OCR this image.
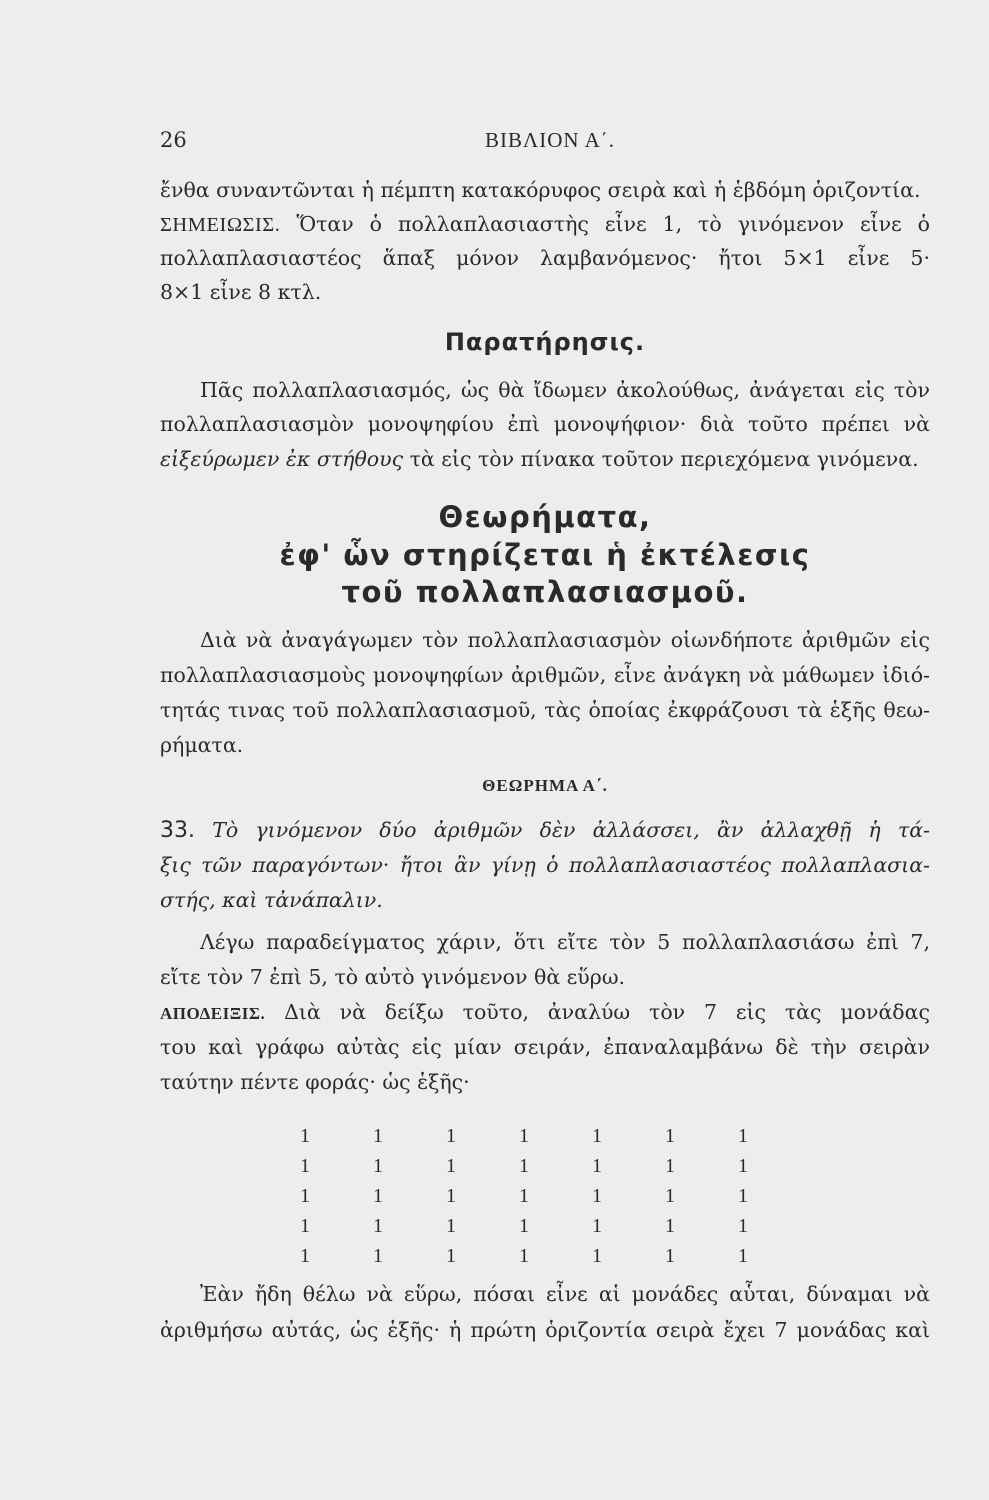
26	ΒΙΒΛΙΟΝ Α΄.
ἔνθα συναντῶνται ἡ πέμπτη κατακόρυφος σειρὰ καὶ ἡ ἑβδόμη ὁριζοντία.
ΣΗΜΕΙΩΣΙΣ. Ὅταν ὁ πολλαπλασιαστὴς εἶνε 1, τὸ γινόμενον εἶνε ὁ
πολλαπλασιαστέος ἅπαξ μόνον λαμβανόμενος· ἤτοι 5×1 εἶνε 5·
8×1 εἶνε 8 κτλ.
Παρατήρησις.
Πᾶς πολλαπλασιασμός, ὡς θὰ ἴδωμεν ἀκολούθως, ἀνάγεται εἰς τὸν
πολλαπλασιασμὸν μονοψηφίου ἐπὶ μονοψήφιον· διὰ τοῦτο πρέπει νὰ
εἰξεύρωμεν ἐκ στήθους τὰ εἰς τὸν πίνακα τοῦτον περιεχόμενα γινόμενα.
Θεωρήματα,
ἐφ' ὧν στηρίζεται ἡ ἐκτέλεσις
τοῦ πολλαπλασιασμοῦ.
Διὰ νὰ ἀναγάγωμεν τὸν πολλαπλασιασμὸν οἱωνδήποτε ἀριθμῶν εἰς
πολλαπλασιασμοὺς μονοψηφίων ἀριθμῶν, εἶνε ἀνάγκη νὰ μάθωμεν ἰδιό-
τητάς τινας τοῦ πολλαπλασιασμοῦ, τὰς ὁποίας ἐκφράζουσι τὰ ἑξῆς θεω-
ρήματα.
ΘΕΩΡΗΜΑ Α΄.
33. Τὸ γινόμενον δύο ἀριθμῶν δὲν ἀλλάσσει, ἂν ἀλλαχθῇ ἡ τά-
ξις τῶν παραγόντων· ἤτοι ἂν γίνῃ ὁ πολλαπλασιαστέος πολλαπλασια-
στής, καὶ τἀνάπαλιν.
Λέγω παραδείγματος χάριν, ὅτι εἴτε τὸν 5 πολλαπλασιάσω ἐπὶ 7,
εἴτε τὸν 7 ἐπὶ 5, τὸ αὐτὸ γινόμενον θὰ εὕρω.
ΑΠΟΔΕΙΞΙΣ. Διὰ νὰ δείξω τοῦτο, ἀναλύω τὸν 7 εἰς τὰς μονάδας
του καὶ γράφω αὐτὰς εἰς μίαν σειράν, ἐπαναλαμβάνω δὲ τὴν σειρὰν
ταύτην πέντε φοράς· ὡς ἑξῆς·
1	1	1	1	1	1	1
1	1	1	1	1	1	1
1	1	1	1	1	1	1
1	1	1	1	1	1	1
1	1	1	1	1	1	1
Ἐὰν ἤδη θέλω νὰ εὕρω, πόσαι εἶνε αἱ μονάδες αὗται, δύναμαι νὰ
ἀριθμήσω αὐτάς, ὡς ἑξῆς· ἡ πρώτη ὁριζοντία σειρὰ ἔχει 7 μονάδας καὶ
